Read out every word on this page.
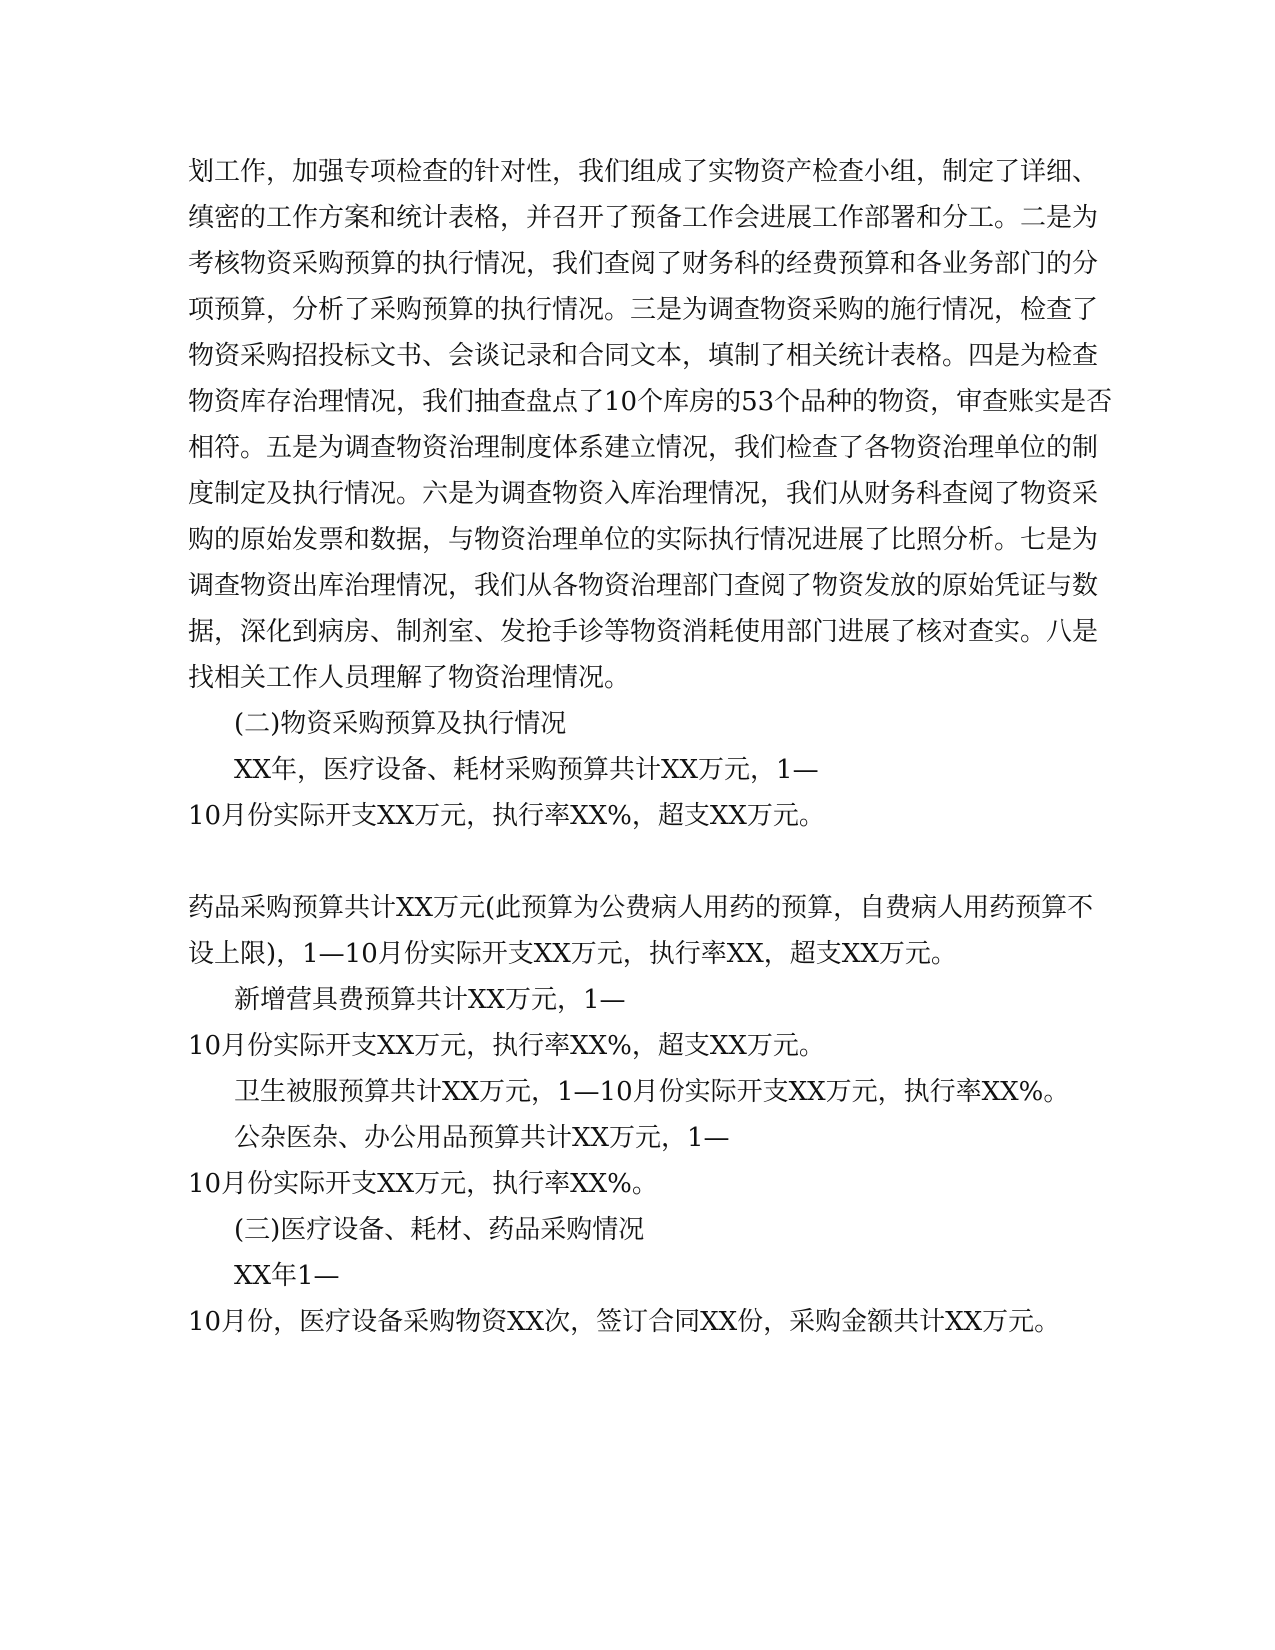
划工作，加强专项检查的针对性，我们组成了实物资产检查小组，制定了详细、
缜密的工作方案和统计表格，并召开了预备工作会进展工作部署和分工。二是为
考核物资采购预算的执行情况，我们查阅了财务科的经费预算和各业务部门的分
项预算，分析了采购预算的执行情况。三是为调查物资采购的施行情况，检查了
物资采购招投标文书、会谈记录和合同文本，填制了相关统计表格。四是为检查
物资库存治理情况，我们抽查盘点了10个库房的53个品种的物资，审查账实是否
相符。五是为调查物资治理制度体系建立情况，我们检查了各物资治理单位的制
度制定及执行情况。六是为调查物资入库治理情况，我们从财务科查阅了物资采
购的原始发票和数据，与物资治理单位的实际执行情况进展了比照分析。七是为
调查物资出库治理情况，我们从各物资治理部门查阅了物资发放的原始凭证与数
据，深化到病房、制剂室、发抢手诊等物资消耗使用部门进展了核对查实。八是
找相关工作人员理解了物资治理情况。
(二)物资采购预算及执行情况
XX年，医疗设备、耗材采购预算共计XX万元，1—
10月份实际开支XX万元，执行率XX%，超支XX万元。
药品采购预算共计XX万元(此预算为公费病人用药的预算，自费病人用药预算不
设上限)，1—10月份实际开支XX万元，执行率XX，超支XX万元。
新增营具费预算共计XX万元，1—
10月份实际开支XX万元，执行率XX%，超支XX万元。
卫生被服预算共计XX万元，1—10月份实际开支XX万元，执行率XX%。
公杂医杂、办公用品预算共计XX万元，1—
10月份实际开支XX万元，执行率XX%。
(三)医疗设备、耗材、药品采购情况
XX年1—
10月份，医疗设备采购物资XX次，签订合同XX份，采购金额共计XX万元。
